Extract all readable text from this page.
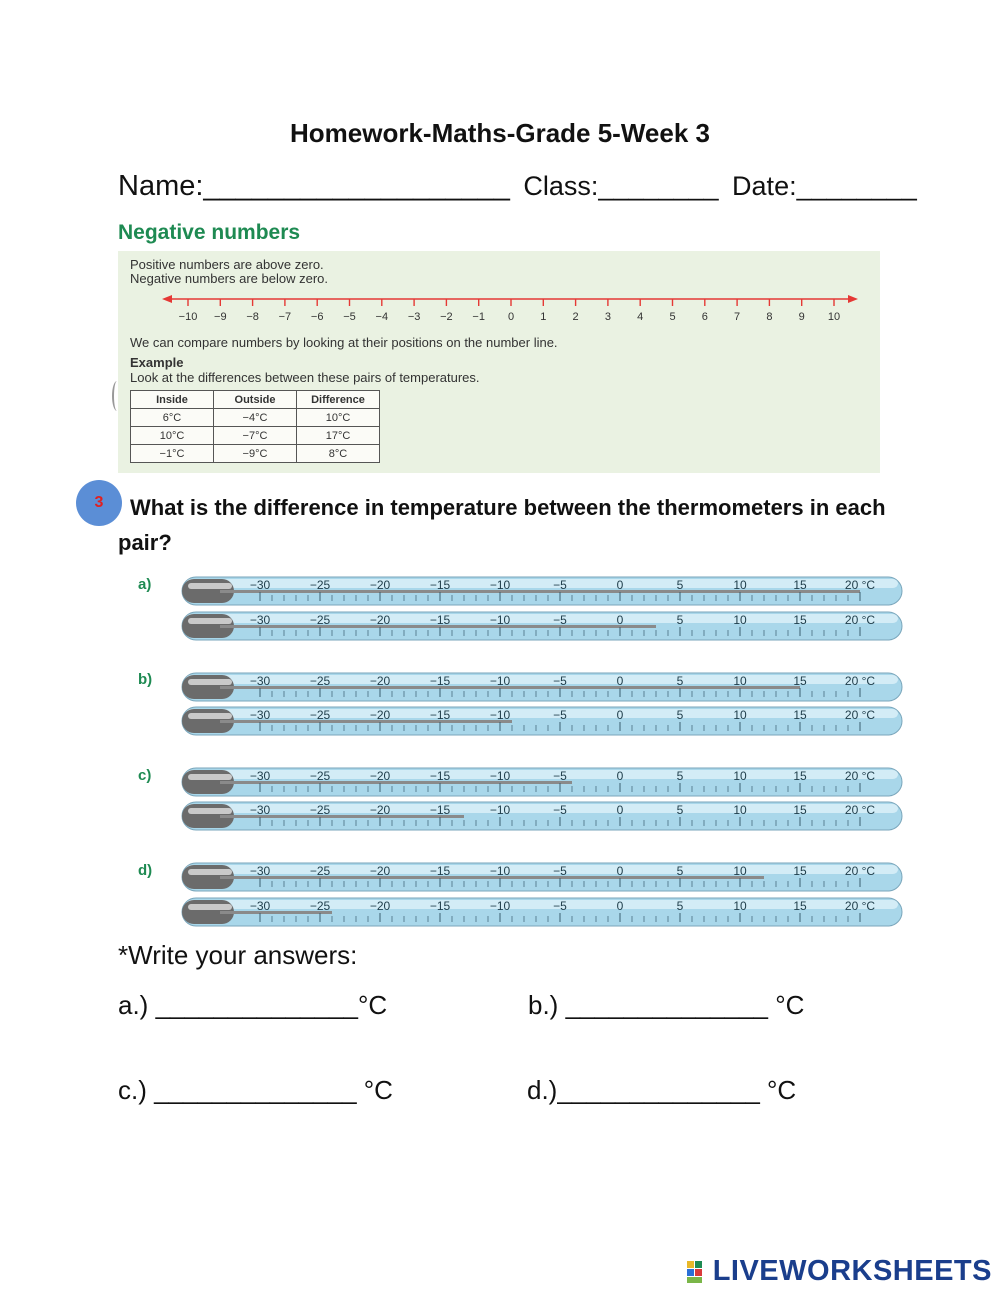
Homework-Maths-Grade 5-Week 3
Name:___________________ Class:________ Date:________
Negative numbers
Positive numbers are above zero.
Negative numbers are below zero.
−10 −9 −8 −7 −6 −5 −4 −3 −2 −1 0 1 2 3 4 5 6 7 8 9 10
We can compare numbers by looking at their positions on the number line.
Example
Look at the differences between these pairs of temperatures.
Inside	Outside	Difference
6°C	−4°C	10°C
10°C	−7°C	17°C
−1°C	−9°C	8°C
3	What is the difference in temperature between the thermometers in each pair?
a)
b)
c)
d)
−30	−25	−20	−15	−10	−5	0	5	10	15	20 °C
−30	−25	−20	−15	−10	−5	0	5	10	15	20 °C
−30	−25	−20	−15	−10	−5	0	5	10	15	20 °C
−30	−25	−20	−15	−10	−5	0	5	10	15	20 °C
−30	−25	−20	−15	−10	−5	0	5	10	15	20 °C
−30	−25	−20	−15	−10	−5	0	5	10	15	20 °C
−30	−25	−20	−15	−10	−5	0	5	10	15	20 °C
−30	−25	−20	−15	−10	−5	0	5	10	15	20 °C
*Write your answers:
a.) ______________°C	b.) ______________ °C
c.) ______________ °C	d.)______________ °C
LIVEWORKSHEETS
